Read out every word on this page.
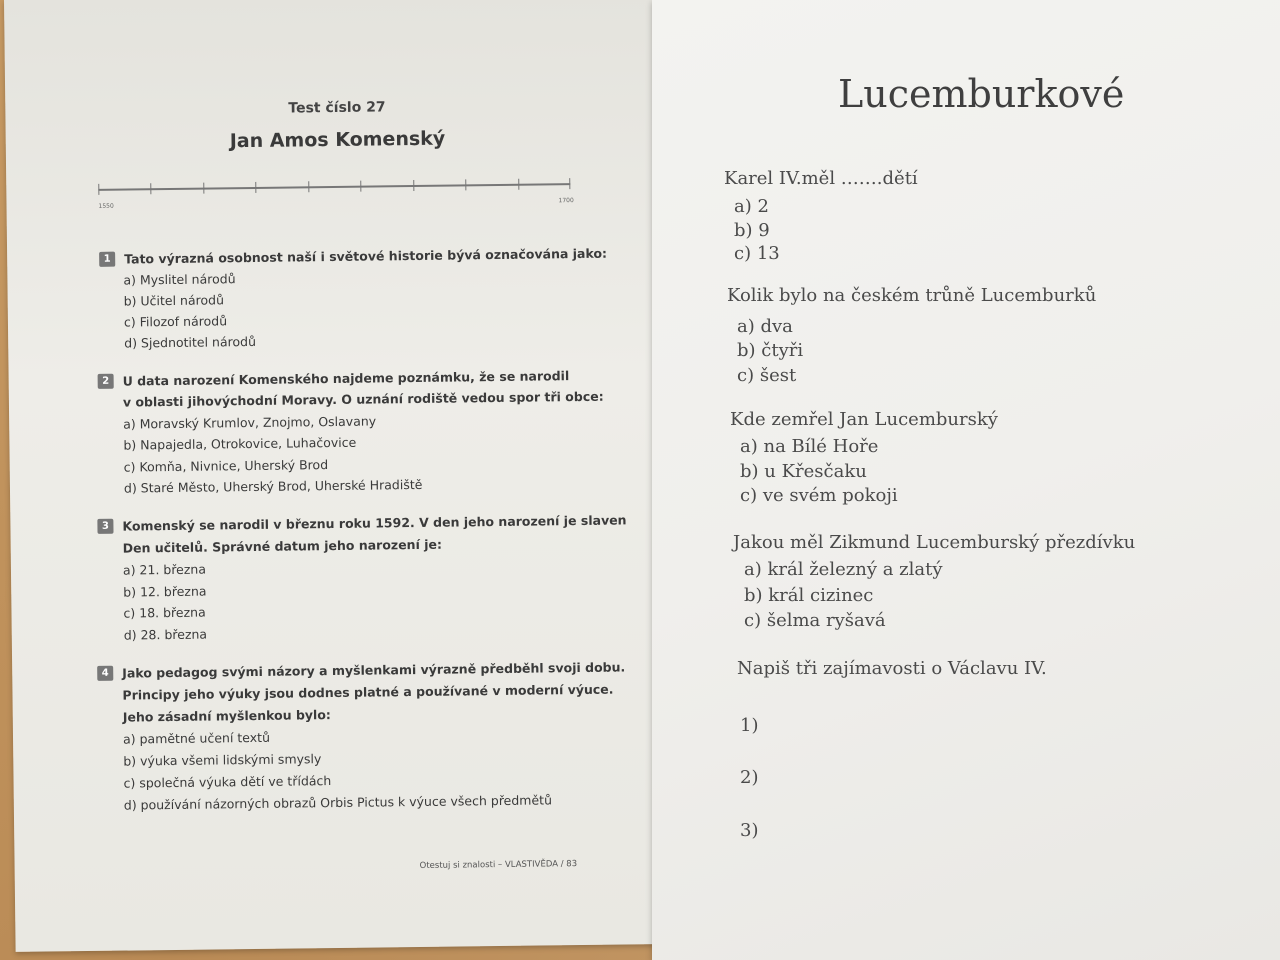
Test číslo 27
Jan Amos Komenský
1550
1700
1	Tato výrazná osobnost naší i světové historie bývá označována jako:
a) Myslitel národů
b) Učitel národů
c) Filozof národů
d) Sjednotitel národů
2	U data narození Komenského najdeme poznámku, že se narodil
v oblasti jihovýchodní Moravy. O uznání rodiště vedou spor tři obce:
a) Moravský Krumlov, Znojmo, Oslavany
b) Napajedla, Otrokovice, Luhačovice
c) Komňa, Nivnice, Uherský Brod
d) Staré Město, Uherský Brod, Uherské Hradiště
3	Komenský se narodil v březnu roku 1592. V den jeho narození je slaven
Den učitelů. Správné datum jeho narození je:
a) 21. března
b) 12. března
c) 18. března
d) 28. března
4	Jako pedagog svými názory a myšlenkami výrazně předběhl svoji dobu.
Principy jeho výuky jsou dodnes platné a používané v moderní výuce.
Jeho zásadní myšlenkou bylo:
a) pamětné učení textů
b) výuka všemi lidskými smysly
c) společná výuka dětí ve třídách
d) používání názorných obrazů Orbis Pictus k výuce všech předmětů
Otestuj si znalosti – VLASTIVĚDA / 83
Lucemburkové
Karel IV.měl …….dětí
a) 2
b) 9
c) 13
Kolik bylo na českém trůně Lucemburků
a) dva
b) čtyři
c) šest
Kde zemřel Jan Lucemburský
a) na Bílé Hoře
b) u Křesčaku
c) ve svém pokoji
Jakou měl Zikmund Lucemburský přezdívku
a) král železný a zlatý
b) král cizinec
c) šelma ryšavá
Napiš tři zajímavosti o Václavu IV.
1)
2)
3)
